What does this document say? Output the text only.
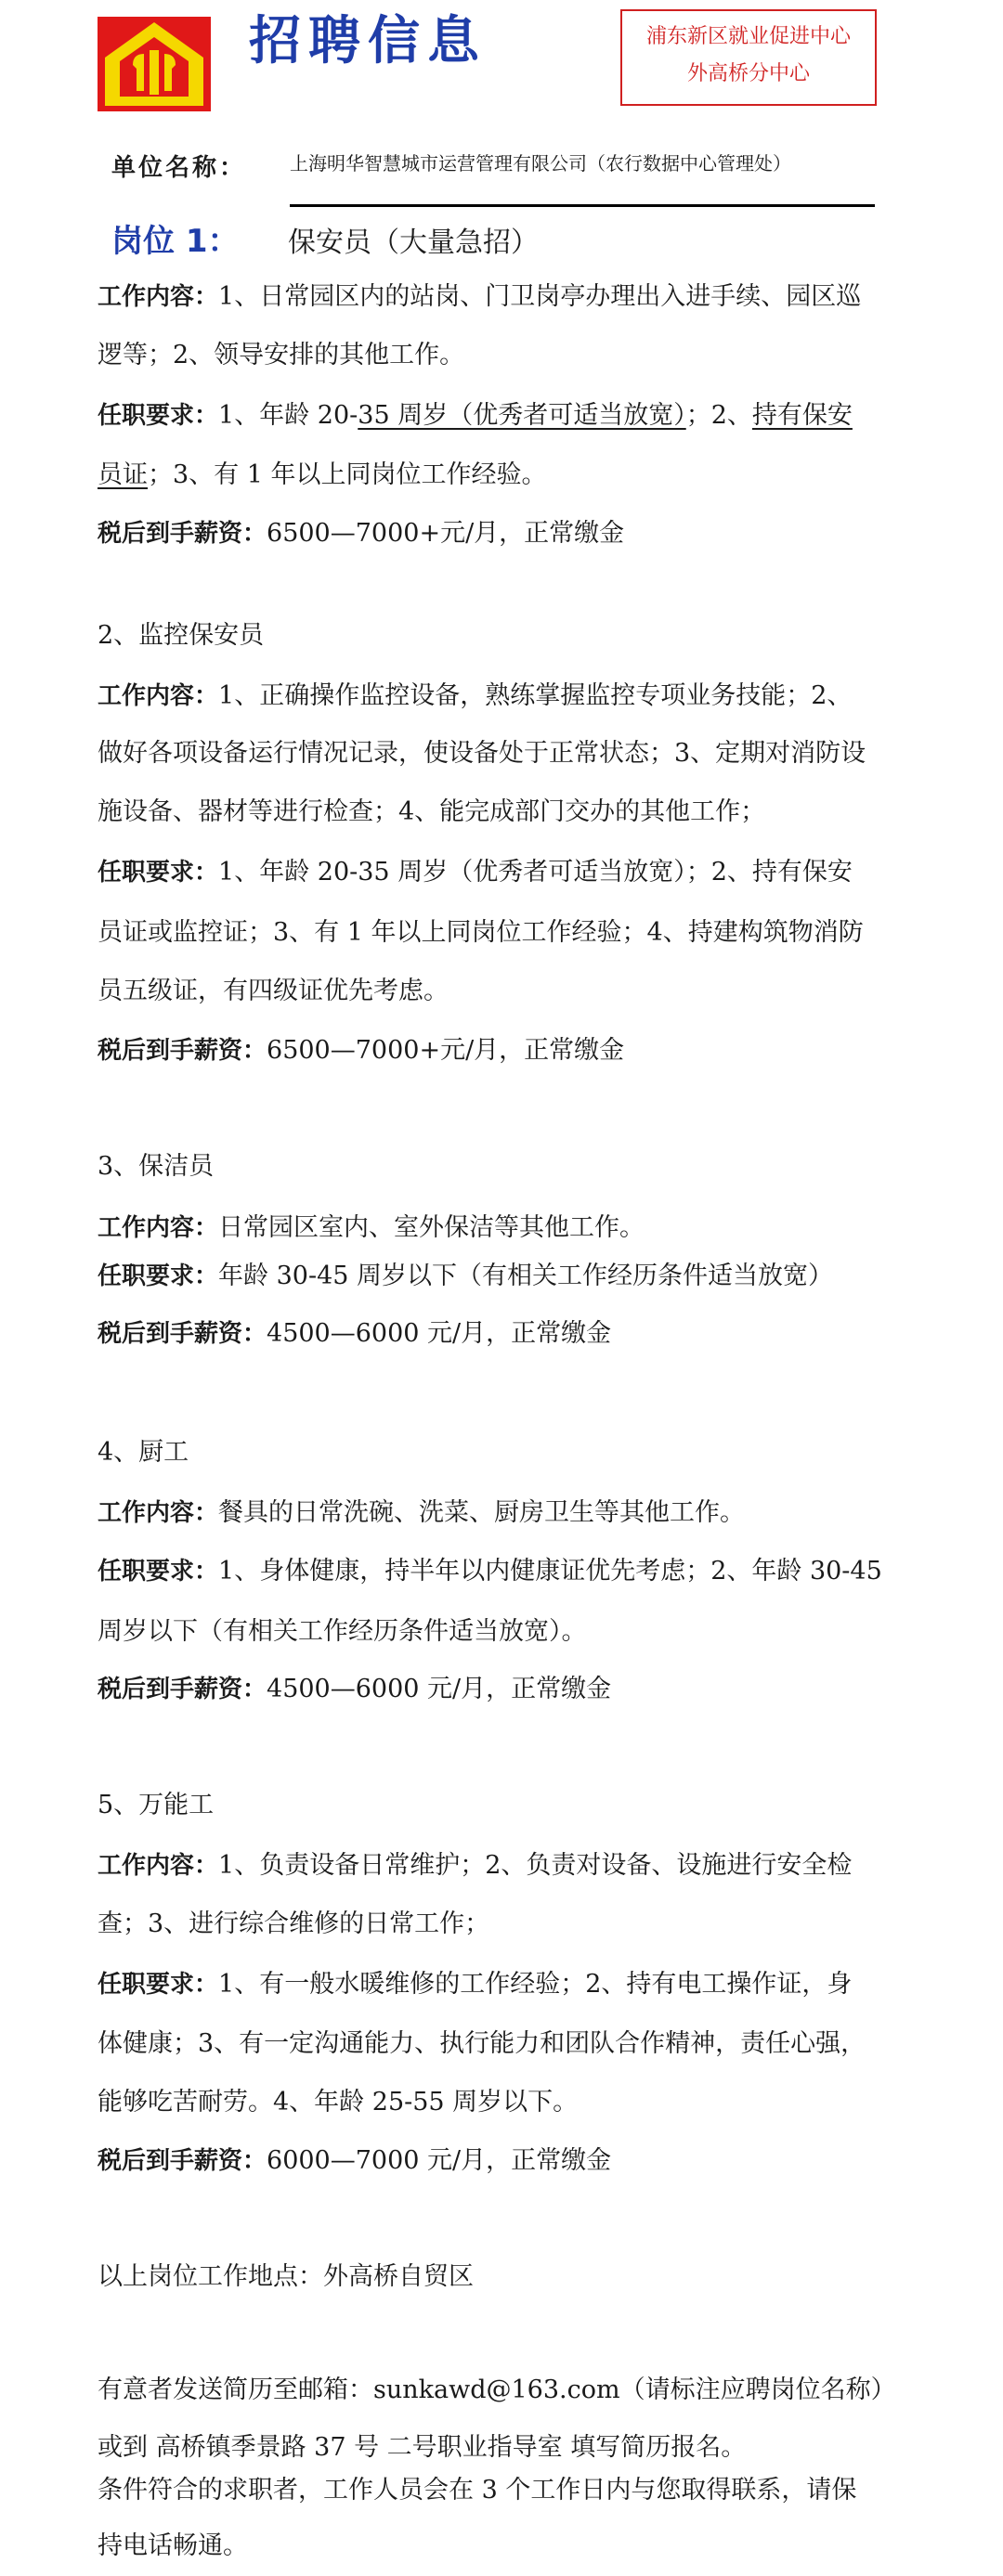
招聘信息	浦东新区就业促进中心
外高桥分中心
单位名称： 上海明华智慧城市运营管理有限公司（农行数据中心管理处）
岗位 1： 保安员（大量急招）
工作内容：1、日常园区内的站岗、门卫岗亭办理出入进手续、园区巡
逻等；2、领导安排的其他工作。
任职要求：1、年龄 20-35 周岁（优秀者可适当放宽）；2、持有保安
员证；3、有 1 年以上同岗位工作经验。
税后到手薪资：6500—7000+元/月，正常缴金
2、监控保安员
工作内容：1、正确操作监控设备，熟练掌握监控专项业务技能；2、
做好各项设备运行情况记录，使设备处于正常状态；3、定期对消防设
施设备、器材等进行检查；4、能完成部门交办的其他工作；
任职要求：1、年龄 20-35 周岁（优秀者可适当放宽）；2、持有保安
员证或监控证；3、有 1 年以上同岗位工作经验；4、持建构筑物消防
员五级证，有四级证优先考虑。
税后到手薪资：6500—7000+元/月，正常缴金
3、保洁员
工作内容：日常园区室内、室外保洁等其他工作。
任职要求：年龄 30-45 周岁以下（有相关工作经历条件适当放宽）
税后到手薪资：4500—6000 元/月，正常缴金
4、厨工
工作内容：餐具的日常洗碗、洗菜、厨房卫生等其他工作。
任职要求：1、身体健康，持半年以内健康证优先考虑；2、年龄 30-45
周岁以下（有相关工作经历条件适当放宽）。
税后到手薪资：4500—6000 元/月，正常缴金
5、万能工
工作内容：1、负责设备日常维护；2、负责对设备、设施进行安全检
查；3、进行综合维修的日常工作；
任职要求：1、有一般水暖维修的工作经验；2、持有电工操作证，身
体健康；3、有一定沟通能力、执行能力和团队合作精神，责任心强，
能够吃苦耐劳。4、年龄 25-55 周岁以下。
税后到手薪资：6000—7000 元/月，正常缴金
以上岗位工作地点：外高桥自贸区
有意者发送简历至邮箱：sunkawd@163.com（请标注应聘岗位名称）
或到 高桥镇季景路 37 号 二号职业指导室 填写简历报名。
条件符合的求职者，工作人员会在 3 个工作日内与您取得联系，请保
持电话畅通。
